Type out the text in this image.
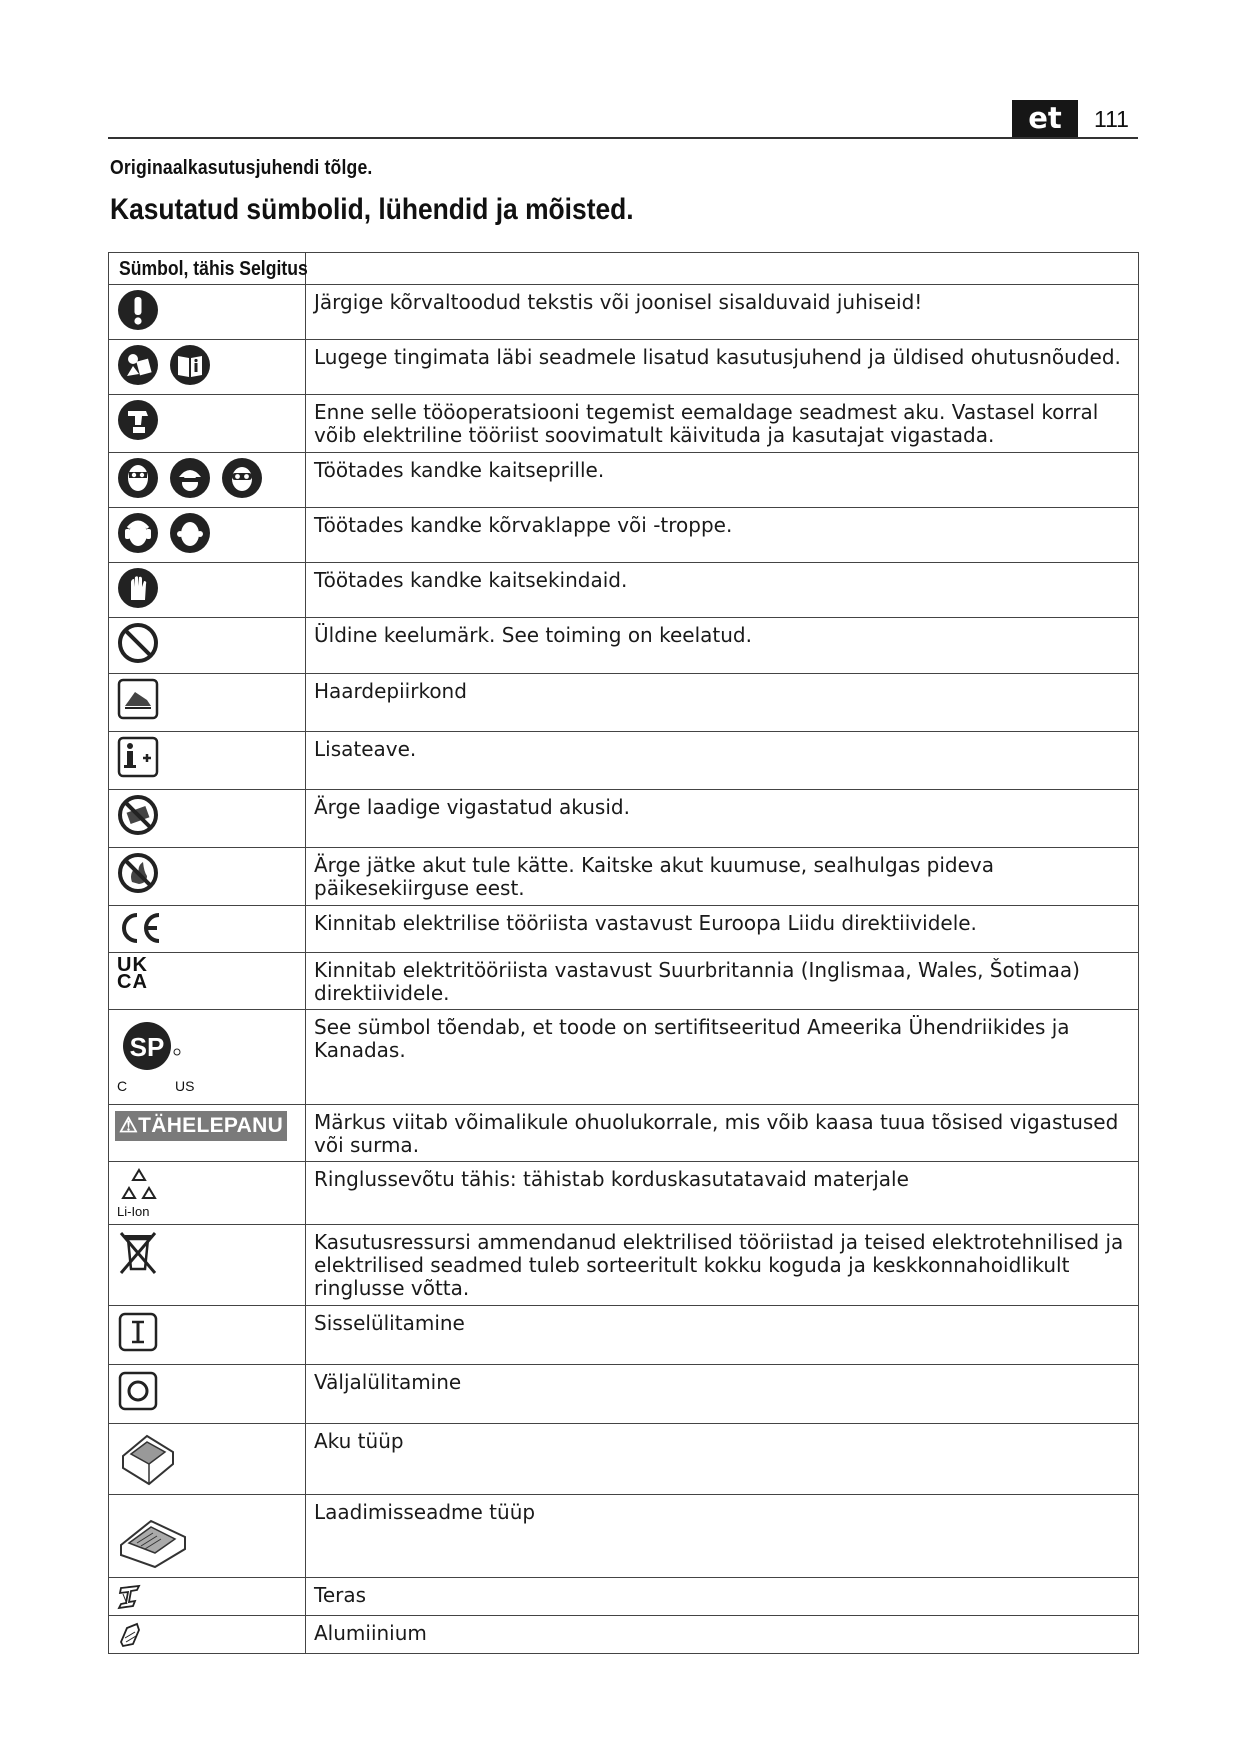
et	111
Originaalkasutusjuhendi tõlge.
Kasutatud sümbolid, lühendid ja mõisted.
Sümbol, tähis Selgitus	

	Järgige kõrvaltoodud tekstis või joonisel sisalduvaid juhiseid!

	Lugege tingimata läbi seadmele lisatud kasutusjuhend ja üldised ohutusnõuded.

	Enne selle tööoperatsiooni tegemist eemaldage seadmest aku. Vastasel korral võib elektriline tööriist soovimatult käivituda ja kasutajat vigastada.

	Töötades kandke kaitseprille.

	Töötades kandke kõrvaklappe või -troppe.

	Töötades kandke kaitsekindaid.

	Üldine keelumärk. See toiming on keelatud.

	Haardepiirkond

	Lisateave.

	Ärge laadige vigastatud akusid.

	Ärge jätke akut tule kätte. Kaitske akut kuumuse, sealhulgas pideva päikesekiirguse eest.

	Kinnitab elektrilise tööriista vastavust Euroopa Liidu direktiividele.
UK
CA	Kinnitab elektritööriista vastavust Suurbritannia (Inglismaa, Wales, Šotimaa) direktiividele.

SP
C US	See sümbol tõendab, et toode on sertifitseeritud Ameerika Ühendriikides ja Kanadas.
⚠TÄHELEPANU	Märkus viitab võimalikule ohuolukorrale, mis võib kaasa tuua tõsised vigastused või surma.

Li-Ion	Ringlussevõtu tähis: tähistab korduskasutatavaid materjale

	Kasutusressursi ammendanud elektrilised tööriistad ja teised elektrotehnilised ja elektrilised seadmed tuleb sorteeritult kokku koguda ja keskkonnahoidlikult ringlusse võtta.

	Sisselülitamine

	Väljalülitamine

	Aku tüüp

	Laadimisseadme tüüp

	Teras

	Alumiinium
